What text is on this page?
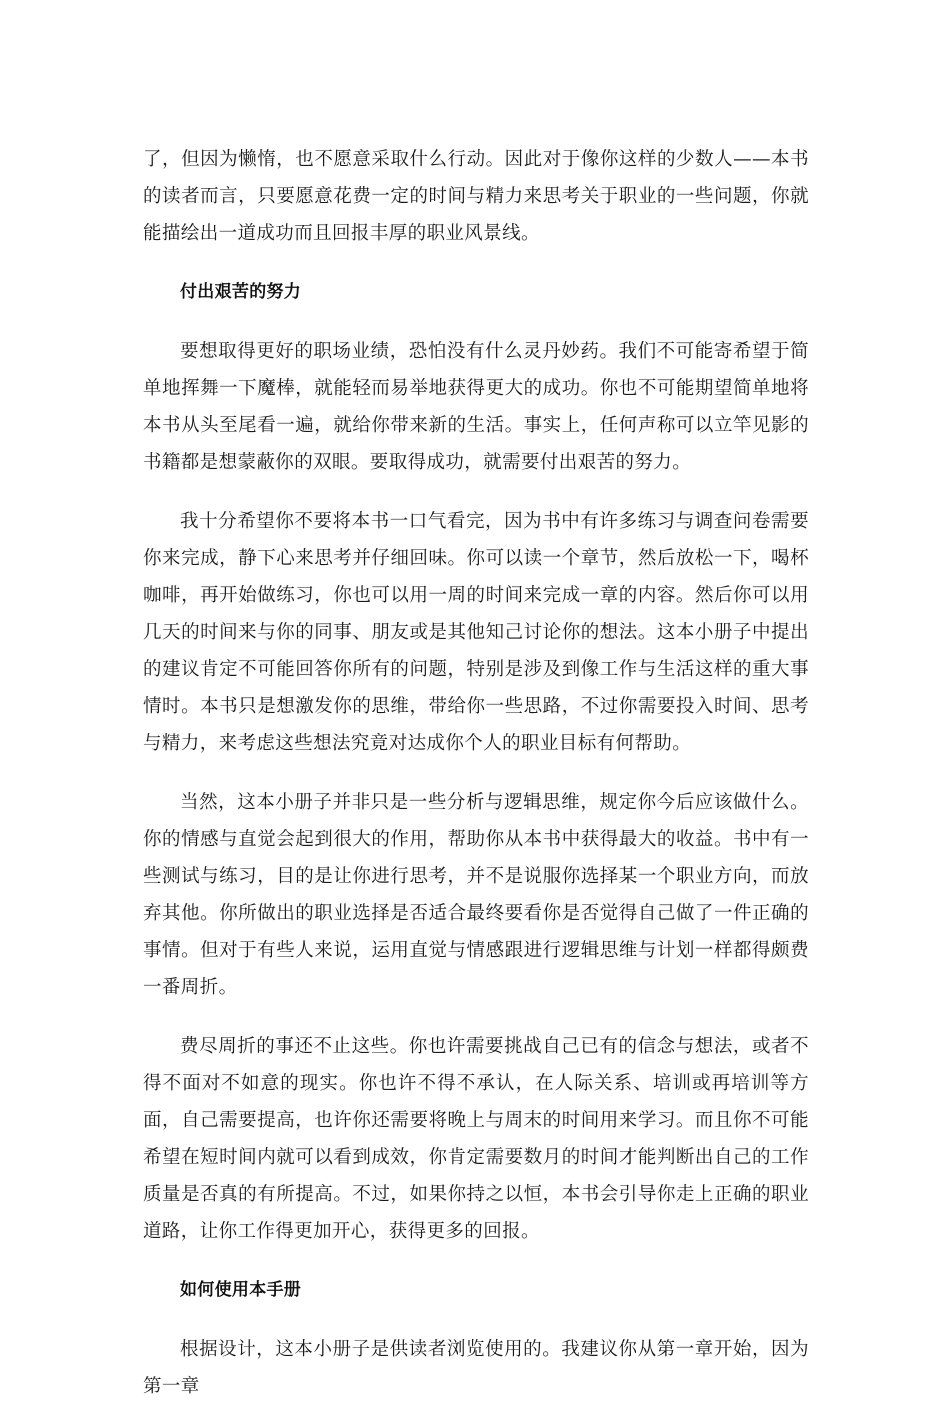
了，但因为懒惰，也不愿意采取什么行动。因此对于像你这样的少数人——本书的读者而言，只要愿意花费一定的时间与精力来思考关于职业的一些问题，你就能描绘出一道成功而且回报丰厚的职业风景线。

付出艰苦的努力

要想取得更好的职场业绩，恐怕没有什么灵丹妙药。我们不可能寄希望于简单地挥舞一下魔棒，就能轻而易举地获得更大的成功。你也不可能期望简单地将本书从头至尾看一遍，就给你带来新的生活。事实上，任何声称可以立竿见影的书籍都是想蒙蔽你的双眼。要取得成功，就需要付出艰苦的努力。

我十分希望你不要将本书一口气看完，因为书中有许多练习与调查问卷需要你来完成，静下心来思考并仔细回味。你可以读一个章节，然后放松一下，喝杯咖啡，再开始做练习，你也可以用一周的时间来完成一章的内容。然后你可以用几天的时间来与你的同事、朋友或是其他知己讨论你的想法。这本小册子中提出的建议肯定不可能回答你所有的问题，特别是涉及到像工作与生活这样的重大事情时。本书只是想激发你的思维，带给你一些思路，不过你需要投入时间、思考与精力，来考虑这些想法究竟对达成你个人的职业目标有何帮助。

当然，这本小册子并非只是一些分析与逻辑思维，规定你今后应该做什么。你的情感与直觉会起到很大的作用，帮助你从本书中获得最大的收益。书中有一些测试与练习，目的是让你进行思考，并不是说服你选择某一个职业方向，而放弃其他。你所做出的职业选择是否适合最终要看你是否觉得自己做了一件正确的事情。但对于有些人来说，运用直觉与情感跟进行逻辑思维与计划一样都得颇费一番周折。

费尽周折的事还不止这些。你也许需要挑战自己已有的信念与想法，或者不得不面对不如意的现实。你也许不得不承认，在人际关系、培训或再培训等方面，自己需要提高，也许你还需要将晚上与周末的时间用来学习。而且你不可能希望在短时间内就可以看到成效，你肯定需要数月的时间才能判断出自己的工作质量是否真的有所提高。不过，如果你持之以恒，本书会引导你走上正确的职业道路，让你工作得更加开心，获得更多的回报。

如何使用本手册

根据设计，这本小册子是供读者浏览使用的。我建议你从第一章开始，因为第一章
